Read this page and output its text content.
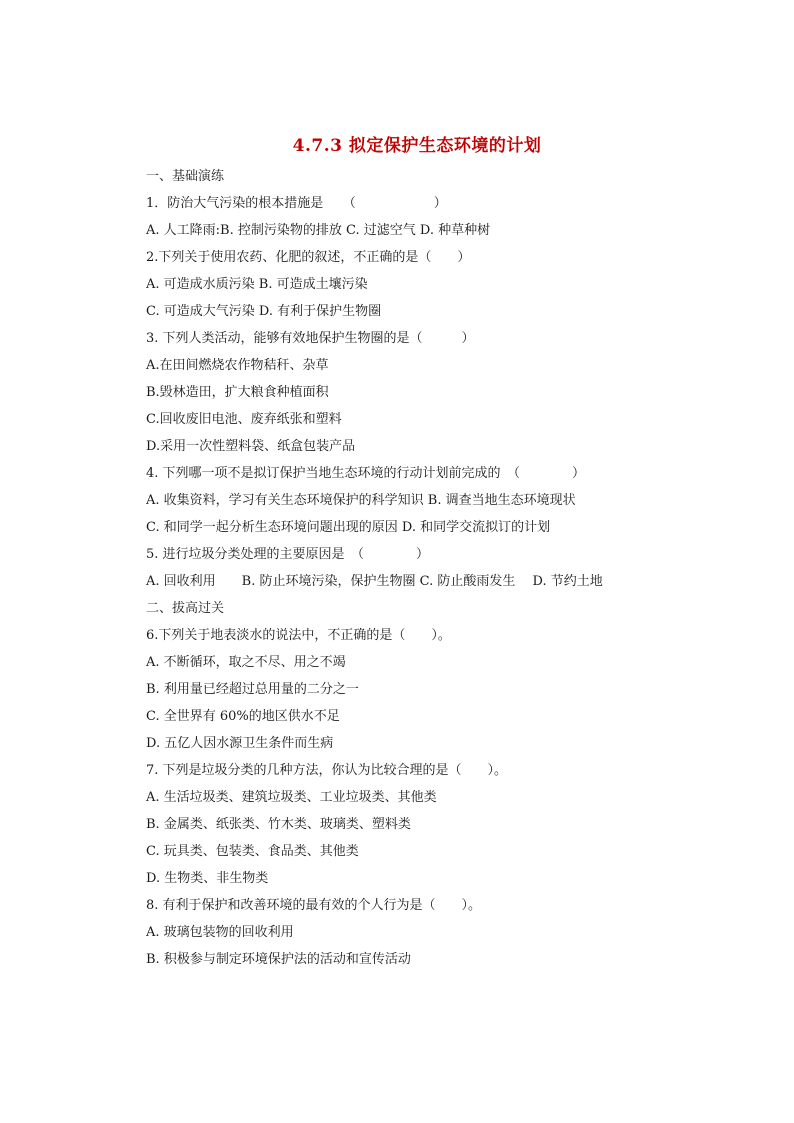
4.7.3 拟定保护生态环境的计划
一、基础演练
1．防治大气污染的根本措施是　　（　　　　　　）
A. 人工降雨:B. 控制污染物的排放 C. 过滤空气 D. 种草种树
2.下列关于使用农药、化肥的叙述，不正确的是（　　）
A. 可造成水质污染 B. 可造成土壤污染
C. 可造成大气污染 D. 有利于保护生物圈
3. 下列人类活动，能够有效地保护生物圈的是（　　　）
A.在田间燃烧农作物秸秆、杂草
B.毁林造田，扩大粮食种植面积
C.回收废旧电池、废弃纸张和塑料
D.采用一次性塑料袋、纸盒包装产品
4. 下列哪一项不是拟订保护当地生态环境的行动计划前完成的　（　　　　）
A. 收集资料，学习有关生态环境保护的科学知识 B. 调查当地生态环境现状
C. 和同学一起分析生态环境问题出现的原因 D. 和同学交流拟订的计划
5. 进行垃圾分类处理的主要原因是　（　　　　）
A. 回收利用　　B. 防止环境污染，保护生物圈 C. 防止酸雨发生　 D. 节约土地
二、拔高过关
6.下列关于地表淡水的说法中，不正确的是（　　）。
A. 不断循环，取之不尽、用之不竭
B. 利用量已经超过总用量的二分之一
C. 全世界有 60%的地区供水不足
D. 五亿人因水源卫生条件而生病
7. 下列是垃圾分类的几种方法，你认为比较合理的是（　　）。
A. 生活垃圾类、建筑垃圾类、工业垃圾类、其他类
B. 金属类、纸张类、竹木类、玻璃类、塑料类
C. 玩具类、包装类、食品类、其他类
D. 生物类、非生物类
8. 有利于保护和改善环境的最有效的个人行为是（　　）。
A. 玻璃包装物的回收利用
B. 积极参与制定环境保护法的活动和宣传活动
